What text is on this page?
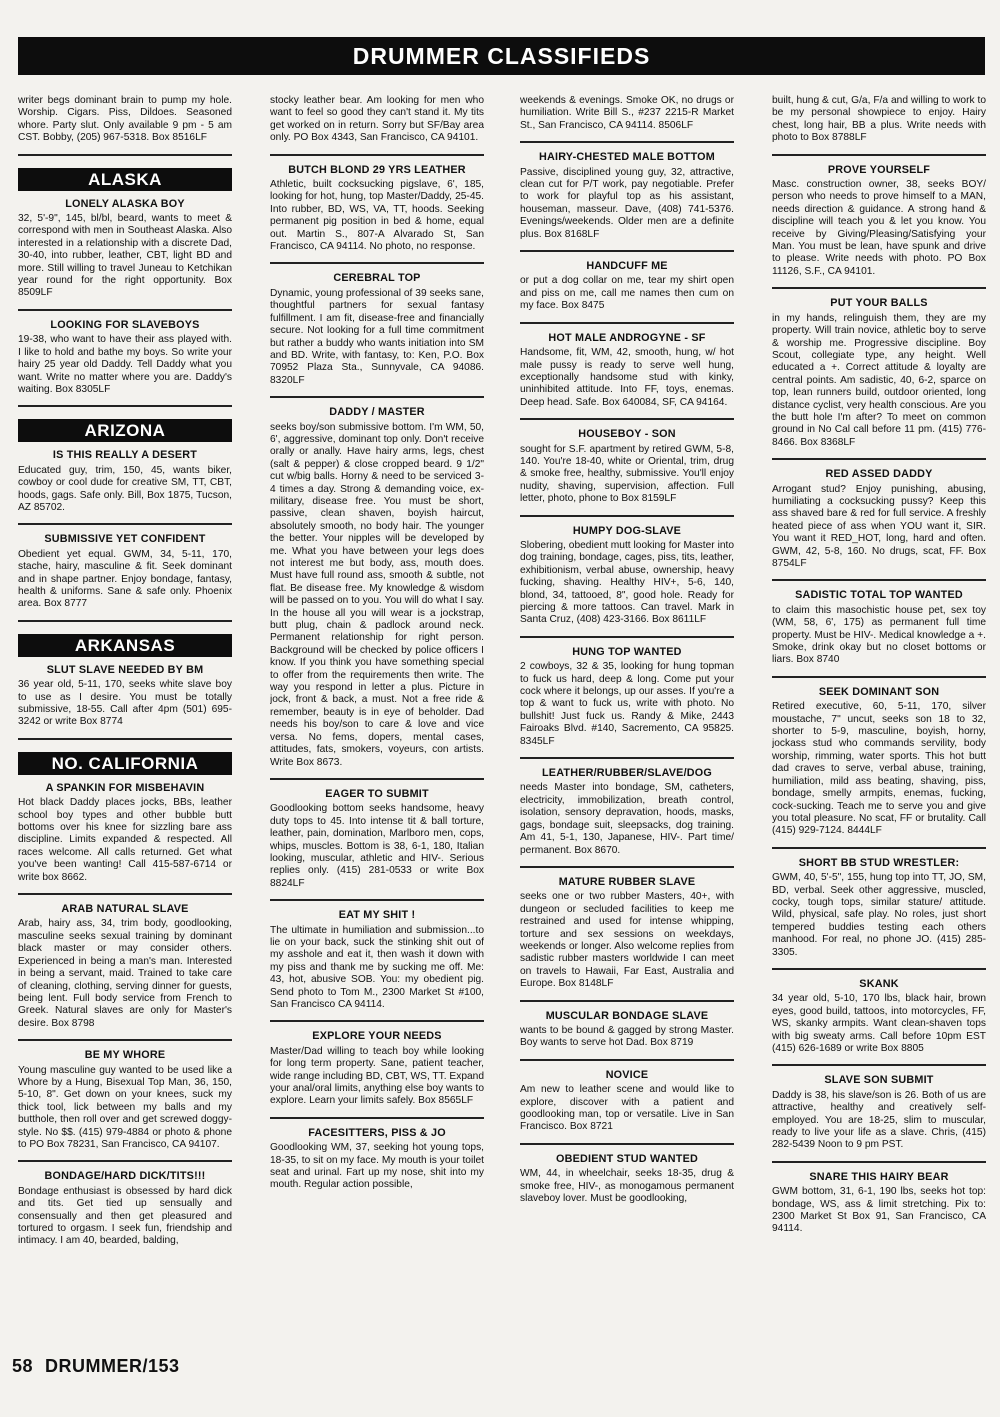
DRUMMER CLASSIFIEDS

writer begs dominant brain to pump my hole. Worship. Cigars. Piss, Dildoes. Seasoned whore. Party slut. Only available 9 pm - 5 am CST. Bobby, (205) 967-5318. Box 8516LF

ALASKA
LONELY ALASKA BOY

32, 5'-9", 145, bl/bl, beard, wants to meet & correspond with men in Southeast Alaska. Also interested in a relationship with a discrete Dad, 30-40, into rubber, leather, CBT, light BD and more. Still willing to travel Juneau to Ketchikan year round for the right opportunity. Box 8509LF

LOOKING FOR SLAVEBOYS

19-38, who want to have their ass played with. I like to hold and bathe my boys. So write your hairy 25 year old Daddy. Tell Daddy what you want. Write no matter where you are. Daddy's waiting. Box 8305LF

ARIZONA
IS THIS REALLY A DESERT

Educated guy, trim, 150, 45, wants biker, cowboy or cool dude for creative SM, TT, CBT, hoods, gags. Safe only. Bill, Box 1875, Tucson, AZ 85702.

SUBMISSIVE YET CONFIDENT

Obedient yet equal. GWM, 34, 5-11, 170, stache, hairy, masculine & fit. Seek dominant and in shape partner. Enjoy bondage, fantasy, health & uniforms. Sane & safe only. Phoenix area. Box 8777

ARKANSAS
SLUT SLAVE NEEDED BY BM

36 year old, 5-11, 170, seeks white slave boy to use as I desire. You must be totally submissive, 18-55. Call after 4pm (501) 695-3242 or write Box 8774

NO. CALIFORNIA
A SPANKIN FOR MISBEHAVIN

Hot black Daddy places jocks, BBs, leather school boy types and other bubble butt bottoms over his knee for sizzling bare ass discipline. Limits expanded & respected. All races welcome. All calls returned. Get what you've been wanting! Call 415-587-6714 or write box 8662.

ARAB NATURAL SLAVE

Arab, hairy ass, 34, trim body, goodlooking, masculine seeks sexual training by dominant black master or may consider others. Experienced in being a man's man. Interested in being a servant, maid. Trained to take care of cleaning, clothing, serving dinner for guests, being lent. Full body service from French to Greek. Natural slaves are only for Master's desire. Box 8798

BE MY WHORE

Young masculine guy wanted to be used like a Whore by a Hung, Bisexual Top Man, 36, 150, 5-10, 8". Get down on your knees, suck my thick tool, lick between my balls and my butthole, then roll over and get screwed doggy-style. No $$. (415) 979-4884 or photo & phone to PO Box 78231, San Francisco, CA 94107.

BONDAGE/HARD DICK/TITS!!!

Bondage enthusiast is obsessed by hard dick and tits. Get tied up sensually and consensually and then get pleasured and tortured to orgasm. I seek fun, friendship and intimacy. I am 40, bearded, balding,

stocky leather bear. Am looking for men who want to feel so good they can't stand it. My tits get worked on in return. Sorry but SF/Bay area only. PO Box 4343, San Francisco, CA 94101.

BUTCH BLOND 29 YRS LEATHER

Athletic, built cocksucking pigslave, 6', 185, looking for hot, hung, top Master/Daddy, 25-45. Into rubber, BD, WS, VA, TT, hoods. Seeking permanent pig position in bed & home, equal out. Martin S., 807-A Alvarado St, San Francisco, CA 94114. No photo, no response.

CEREBRAL TOP

Dynamic, young professional of 39 seeks sane, thoughtful partners for sexual fantasy fulfillment. I am fit, disease-free and financially secure. Not looking for a full time commitment but rather a buddy who wants initiation into SM and BD. Write, with fantasy, to: Ken, P.O. Box 70952 Plaza Sta., Sunnyvale, CA 94086. 8320LF

DADDY / MASTER

seeks boy/son submissive bottom. I'm WM, 50, 6', aggressive, dominant top only. Don't receive orally or anally. Have hairy arms, legs, chest (salt & pepper) & close cropped beard. 9 1/2" cut w/big balls. Horny & need to be serviced 3-4 times a day. Strong & demanding voice, ex-military, disease free. You must be short, passive, clean shaven, boyish haircut, absolutely smooth, no body hair. The younger the better. Your nipples will be developed by me. What you have between your legs does not interest me but body, ass, mouth does. Must have full round ass, smooth & subtle, not flat. Be disease free. My knowledge & wisdom will be passed on to you. You will do what I say. In the house all you will wear is a jockstrap, butt plug, chain & padlock around neck. Permanent relationship for right person. Background will be checked by police officers I know. If you think you have something special to offer from the requirements then write. The way you respond in letter a plus. Picture in jock, front & back, a must. Not a free ride & remember, beauty is in eye of beholder. Dad needs his boy/son to care & love and vice versa. No fems, dopers, mental cases, attitudes, fats, smokers, voyeurs, con artists. Write Box 8673.

EAGER TO SUBMIT

Goodlooking bottom seeks handsome, heavy duty tops to 45. Into intense tit & ball torture, leather, pain, domination, Marlboro men, cops, whips, muscles. Bottom is 38, 6-1, 180, Italian looking, muscular, athletic and HIV-. Serious replies only. (415) 281-0533 or write Box 8824LF

EAT MY SHIT !

The ultimate in humiliation and submission...to lie on your back, suck the stinking shit out of my asshole and eat it, then wash it down with my piss and thank me by sucking me off. Me: 43, hot, abusive SOB. You: my obedient pig. Send photo to Tom M., 2300 Market St #100, San Francisco CA 94114.

EXPLORE YOUR NEEDS

Master/Dad willing to teach boy while looking for long term property. Sane, patient teacher, wide range including BD, CBT, WS, TT. Expand your anal/oral limits, anything else boy wants to explore. Learn your limits safely. Box 8565LF

FACESITTERS, PISS & JO

Goodlooking WM, 37, seeking hot young tops, 18-35, to sit on my face. My mouth is your toilet seat and urinal. Fart up my nose, shit into my mouth. Regular action possible,

weekends & evenings. Smoke OK, no drugs or humiliation. Write Bill S., #237 2215-R Market St., San Francisco, CA 94114. 8506LF

HAIRY-CHESTED MALE BOTTOM

Passive, disciplined young guy, 32, attractive, clean cut for P/T work, pay negotiable. Prefer to work for playful top as his assistant, houseman, masseur. Dave, (408) 741-5376. Evenings/weekends. Older men are a definite plus. Box 8168LF

HANDCUFF ME

or put a dog collar on me, tear my shirt open and piss on me, call me names then cum on my face. Box 8475

HOT MALE ANDROGYNE - SF

Handsome, fit, WM, 42, smooth, hung, w/ hot male pussy is ready to serve well hung, exceptionally handsome stud with kinky, uninhibited attitude. Into FF, toys, enemas. Deep head. Safe. Box 640084, SF, CA 94164.

HOUSEBOY - SON

sought for S.F. apartment by retired GWM, 5-8, 140. You're 18-40, white or Oriental, trim, drug & smoke free, healthy, submissive. You'll enjoy nudity, shaving, supervision, affection. Full letter, photo, phone to Box 8159LF

HUMPY DOG-SLAVE

Slobering, obedient mutt looking for Master into dog training, bondage, cages, piss, tits, leather, exhibitionism, verbal abuse, ownership, heavy fucking, shaving. Healthy HIV+, 5-6, 140, blond, 34, tattooed, 8", good hole. Ready for piercing & more tattoos. Can travel. Mark in Santa Cruz, (408) 423-3166. Box 8611LF

HUNG TOP WANTED

2 cowboys, 32 & 35, looking for hung topman to fuck us hard, deep & long. Come put your cock where it belongs, up our asses. If you're a top & want to fuck us, write with photo. No bullshit! Just fuck us. Randy & Mike, 2443 Fairoaks Blvd. #140, Sacremento, CA 95825. 8345LF

LEATHER/RUBBER/SLAVE/DOG

needs Master into bondage, SM, catheters, electricity, immobilization, breath control, isolation, sensory depravation, hoods, masks, gags, bondage suit, sleepsacks, dog training. Am 41, 5-1, 130, Japanese, HIV-. Part time/ permanent. Box 8670.

MATURE RUBBER SLAVE

seeks one or two rubber Masters, 40+, with dungeon or secluded facilities to keep me restrained and used for intense whipping, torture and sex sessions on weekdays, weekends or longer. Also welcome replies from sadistic rubber masters worldwide I can meet on travels to Hawaii, Far East, Australia and Europe. Box 8148LF

MUSCULAR BONDAGE SLAVE

wants to be bound & gagged by strong Master. Boy wants to serve hot Dad. Box 8719

NOVICE

Am new to leather scene and would like to explore, discover with a patient and goodlooking man, top or versatile. Live in San Francisco. Box 8721

OBEDIENT STUD WANTED

WM, 44, in wheelchair, seeks 18-35, drug & smoke free, HIV-, as monogamous permanent slaveboy lover. Must be goodlooking,

built, hung & cut, G/a, F/a and willing to work to be my personal showpiece to enjoy. Hairy chest, long hair, BB a plus. Write needs with photo to Box 8788LF

PROVE YOURSELF

Masc. construction owner, 38, seeks BOY/ person who needs to prove himself to a MAN, needs direction & guidance. A strong hand & discipline will teach you & let you know. You receive by Giving/Pleasing/Satisfying your Man. You must be lean, have spunk and drive to please. Write needs with photo. PO Box 11126, S.F., CA 94101.

PUT YOUR BALLS

in my hands, relinguish them, they are my property. Will train novice, athletic boy to serve & worship me. Progressive discipline. Boy Scout, collegiate type, any height. Well educated a +. Correct attitude & loyalty are central points. Am sadistic, 40, 6-2, sparce on top, lean runners build, outdoor oriented, long distance cyclist, very health conscious. Are you the butt hole I'm after? To meet on common ground in No Cal call before 11 pm. (415) 776-8466. Box 8368LF

RED ASSED DADDY

Arrogant stud? Enjoy punishing, abusing, humiliating a cocksucking pussy? Keep this ass shaved bare & red for full service. A freshly heated piece of ass when YOU want it, SIR. You want it RED_HOT, long, hard and often. GWM, 42, 5-8, 160. No drugs, scat, FF. Box 8754LF

SADISTIC TOTAL TOP WANTED

to claim this masochistic house pet, sex toy (WM, 58, 6', 175) as permanent full time property. Must be HIV-. Medical knowledge a +. Smoke, drink okay but no closet bottoms or liars. Box 8740

SEEK DOMINANT SON

Retired executive, 60, 5-11, 170, silver moustache, 7" uncut, seeks son 18 to 32, shorter to 5-9, masculine, boyish, horny, jockass stud who commands servility, body worship, rimming, water sports. This hot butt dad craves to serve, verbal abuse, training, humiliation, mild ass beating, shaving, piss, bondage, smelly armpits, enemas, fucking, cock-sucking. Teach me to serve you and give you total pleasure. No scat, FF or brutality. Call (415) 929-7124. 8444LF

SHORT BB STUD WRESTLER:

GWM, 40, 5'-5", 155, hung top into TT, JO, SM, BD, verbal. Seek other aggressive, muscled, cocky, tough tops, similar stature/ attitude. Wild, physical, safe play. No roles, just short tempered buddies testing each others manhood. For real, no phone JO. (415) 285-3305.

SKANK

34 year old, 5-10, 170 lbs, black hair, brown eyes, good build, tattoos, into motorcycles, FF, WS, skanky armpits. Want clean-shaven tops with big sweaty arms. Call before 10pm EST (415) 626-1689 or write Box 8805

SLAVE SON SUBMIT

Daddy is 38, his slave/son is 26. Both of us are attractive, healthy and creatively self-employed. You are 18-25, slim to muscular, ready to live your life as a slave. Chris, (415) 282-5439 Noon to 9 pm PST.

SNARE THIS HAIRY BEAR

GWM bottom, 31, 6-1, 190 lbs, seeks hot top: bondage, WS, ass & limit stretching. Pix to: 2300 Market St Box 91, San Francisco, CA 94114.

58 DRUMMER/153
